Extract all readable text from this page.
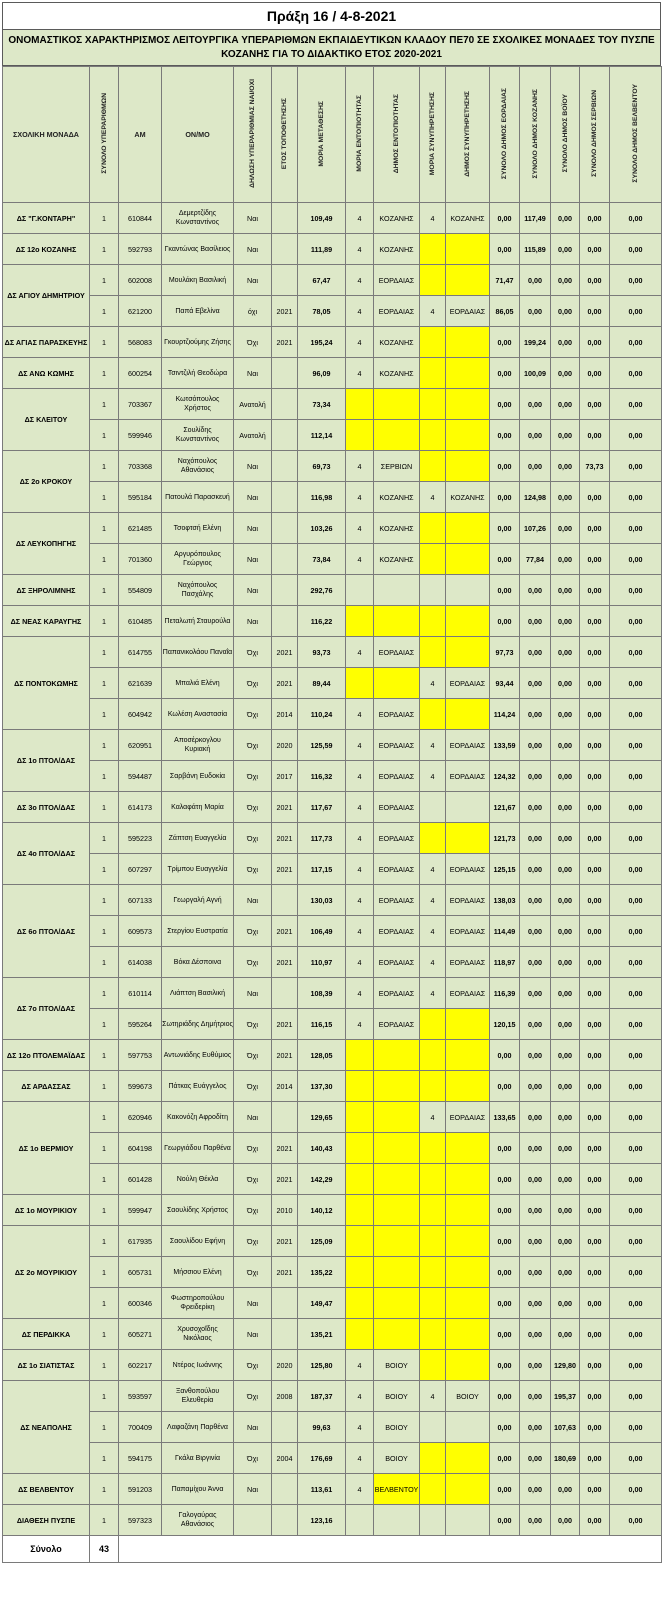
Πράξη 16 / 4-8-2021
ΟΝΟΜΑΣΤΙΚΟΣ ΧΑΡΑΚΤΗΡΙΣΜΟΣ ΛΕΙΤΟΥΡΓΙΚΑ ΥΠΕΡΑΡΙΘΜΩΝ ΕΚΠΑΙΔΕΥΤΙΚΩΝ ΚΛΑΔΟΥ ΠΕ70 ΣΕ ΣΧΟΛΙΚΕΣ ΜΟΝΑΔΕΣ ΤΟΥ ΠΥΣΠΕ
ΚΟΖΑΝΗΣ ΓΙΑ ΤΟ ΔΙΔΑΚΤΙΚΟ ΕΤΟΣ 2020-2021
ΣΧΟΛΙΚΗ ΜΟΝΑΔΑ	ΣΥΝΟΛΟ ΥΠΕΡΑΡΙΘΜΩΝ	ΑΜ	ΟΝ/ΜΟ	ΔΗΛΩΣΗ ΥΠΕΡΑΡΙΘΜΙΑΣ ΝΑΙ/ΟΧΙ	ΕΤΟΣ ΤΟΠΟΘΕΤΗΣΗΣ	ΜΟΡΙΑ ΜΕΤΑΘΕΣΗΣ	ΜΟΡΙΑ ΕΝΤΟΠΙΟΤΗΤΑΣ	ΔΗΜΟΣ ΕΝΤΟΠΙΟΤΗΤΑΣ	ΜΟΡΙΑ ΣΥΝΥΠΗΡΕΤΗΣΗΣ	ΔΗΜΟΣ ΣΥΝΥΠΗΡΕΤΗΣΗΣ	ΣΥΝΟΛΟ ΔΗΜΟΣ ΕΟΡΔΑΙΑΣ	ΣΥΝΟΛΟ ΔΗΜΟΣ ΚΟΖΑΝΗΣ	ΣΥΝΟΛΟ ΔΗΜΟΣ ΒΟΪΟΥ	ΣΥΝΟΛΟ ΔΗΜΟΣ ΣΕΡΒΙΩΝ	ΣΥΝΟΛΟ ΔΗΜΟΣ ΒΕΛΒΕΝΤΟΥ
ΔΣ "Γ.ΚΟΝΤΑΡΗ"	1	610844	Δεμερτζίδης Κωνσταντίνος	Ναι		109,49	4	ΚΟΖΑΝΗΣ	4	ΚΟΖΑΝΗΣ	0,00	117,49	0,00	0,00	0,00
ΔΣ 12ο ΚΟΖΑΝΗΣ	1	592793	Γκαντώνας Βασίλειος	Ναι		111,89	4	ΚΟΖΑΝΗΣ			0,00	115,89	0,00	0,00	0,00
ΔΣ ΑΓΙΟΥ ΔΗΜΗΤΡΙΟΥ	1	602008	Μουλάκη Βασιλική	Ναι		67,47	4	ΕΟΡΔΑΙΑΣ			71,47	0,00	0,00	0,00	0,00
	1	621200	Παπά Εβελίνα	όχι	2021	78,05	4	ΕΟΡΔΑΙΑΣ	4	ΕΟΡΔΑΙΑΣ	86,05	0,00	0,00	0,00	0,00
ΔΣ ΑΓΙΑΣ ΠΑΡΑΣΚΕΥΗΣ	1	568083	Γκουρτζιούμης Ζήσης	Όχι	2021	195,24	4	ΚΟΖΑΝΗΣ			0,00	199,24	0,00	0,00	0,00
ΔΣ ΑΝΩ ΚΩΜΗΣ	1	600254	Τσιντζιλή Θεοδώρα	Ναι		96,09	4	ΚΟΖΑΝΗΣ			0,00	100,09	0,00	0,00	0,00
ΔΣ ΚΛΕΙΤΟΥ	1	703367	Κωτσόπουλος Χρήστος	Ανατολή		73,34					0,00	0,00	0,00	0,00	0,00
	1	599946	Σουλίδης Κωνσταντίνος	Ανατολή		112,14					0,00	0,00	0,00	0,00	0,00
ΔΣ 2ο ΚΡΟΚΟΥ	1	703368	Ναχόπουλος Αθανάσιος	Ναι		69,73	4	ΣΕΡΒΙΩΝ			0,00	0,00	0,00	73,73	0,00
	1	595184	Πατουλά Παρασκευή	Ναι		116,98	4	ΚΟΖΑΝΗΣ	4	ΚΟΖΑΝΗΣ	0,00	124,98	0,00	0,00	0,00
ΔΣ ΛΕΥΚΟΠΗΓΗΣ	1	621485	Τσοφτσή Ελένη	Ναι		103,26	4	ΚΟΖΑΝΗΣ			0,00	107,26	0,00	0,00	0,00
	1	701360	Αργυρόπουλος Γεώργιος	Ναι		73,84	4	ΚΟΖΑΝΗΣ			0,00	77,84	0,00	0,00	0,00
ΔΣ ΞΗΡΟΛΙΜΝΗΣ	1	554809	Ναχόπουλος Πασχάλης	Ναι		292,76					0,00	0,00	0,00	0,00	0,00
ΔΣ ΝΕΑΣ ΚΑΡΑΥΓΗΣ	1	610485	Πεταλωτή Σταυρούλα	Ναι		116,22					0,00	0,00	0,00	0,00	0,00
ΔΣ ΠΟΝΤΟΚΩΜΗΣ	1	614755	Παπανικολάου Παναΐα	Όχι	2021	93,73	4	ΕΟΡΔΑΙΑΣ			97,73	0,00	0,00	0,00	0,00
	1	621639	Μπαλιά Ελένη	Όχι	2021	89,44			4	ΕΟΡΔΑΙΑΣ	93,44	0,00	0,00	0,00	0,00
	1	604942	Κωλέση Αναστασία	Όχι	2014	110,24	4	ΕΟΡΔΑΙΑΣ			114,24	0,00	0,00	0,00	0,00
ΔΣ 1ο ΠΤΟΛ/ΔΑΣ	1	620951	Αποσέρκογλου Κυριακή	Όχι	2020	125,59	4	ΕΟΡΔΑΙΑΣ	4	ΕΟΡΔΑΙΑΣ	133,59	0,00	0,00	0,00	0,00
	1	594487	Σαρβάνη Ευδοκία	Όχι	2017	116,32	4	ΕΟΡΔΑΙΑΣ	4	ΕΟΡΔΑΙΑΣ	124,32	0,00	0,00	0,00	0,00
ΔΣ 3ο ΠΤΟΛ/ΔΑΣ	1	614173	Καλαφάτη Μαρία	Όχι	2021	117,67	4	ΕΟΡΔΑΙΑΣ			121,67	0,00	0,00	0,00	0,00
ΔΣ 4ο ΠΤΟΛ/ΔΑΣ	1	595223	Ζάπτση Ευαγγελία	Όχι	2021	117,73	4	ΕΟΡΔΑΙΑΣ			121,73	0,00	0,00	0,00	0,00
	1	607297	Τρίμπου Ευαγγελία	Όχι	2021	117,15	4	ΕΟΡΔΑΙΑΣ	4	ΕΟΡΔΑΙΑΣ	125,15	0,00	0,00	0,00	0,00
ΔΣ 6ο ΠΤΟΛ/ΔΑΣ	1	607133	Γεωργαλή Αγνή	Ναι		130,03	4	ΕΟΡΔΑΙΑΣ	4	ΕΟΡΔΑΙΑΣ	138,03	0,00	0,00	0,00	0,00
	1	609573	Στεργίου Ευστρατία	Όχι	2021	106,49	4	ΕΟΡΔΑΙΑΣ	4	ΕΟΡΔΑΙΑΣ	114,49	0,00	0,00	0,00	0,00
	1	614038	Βόκα Δέσποινα	Όχι	2021	110,97	4	ΕΟΡΔΑΙΑΣ	4	ΕΟΡΔΑΙΑΣ	118,97	0,00	0,00	0,00	0,00
ΔΣ 7ο ΠΤΟΛ/ΔΑΣ	1	610114	Λιάπτση Βασιλική	Ναι		108,39	4	ΕΟΡΔΑΙΑΣ	4	ΕΟΡΔΑΙΑΣ	116,39	0,00	0,00	0,00	0,00
	1	595264	Σωτηριάδης Δημήτριος	Όχι	2021	116,15	4	ΕΟΡΔΑΙΑΣ			120,15	0,00	0,00	0,00	0,00
ΔΣ 12ο ΠΤΟΛΕΜΑΪΔΑΣ	1	597753	Αντωνιάδης Ευθύμιος	Όχι	2021	128,05					0,00	0,00	0,00	0,00	0,00
ΔΣ ΑΡΔΑΣΣΑΣ	1	599673	Πάτκας Ευάγγελος	Όχι	2014	137,30					0,00	0,00	0,00	0,00	0,00
ΔΣ 1ο ΒΕΡΜΙΟΥ	1	620946	Κακονόζη Αφροδίτη	Ναι		129,65			4	ΕΟΡΔΑΙΑΣ	133,65	0,00	0,00	0,00	0,00
	1	604198	Γεωργιάδου Παρθένα	Όχι	2021	140,43					0,00	0,00	0,00	0,00	0,00
	1	601428	Νούλη Θέκλα	Όχι	2021	142,29					0,00	0,00	0,00	0,00	0,00
ΔΣ 1ο ΜΟΥΡΙΚΙΟΥ	1	599947	Σαουλίδης Χρήστος	Όχι	2010	140,12					0,00	0,00	0,00	0,00	0,00
ΔΣ 2ο ΜΟΥΡΙΚΙΟΥ	1	617935	Σαουλίδου Εφήνη	Όχι	2021	125,09					0,00	0,00	0,00	0,00	0,00
	1	605731	Μήσσιου Ελένη	Όχι	2021	135,22					0,00	0,00	0,00	0,00	0,00
	1	600346	Φωστηροπούλου Φρειδερίκη	Ναι		149,47					0,00	0,00	0,00	0,00	0,00
ΔΣ ΠΕΡΔΙΚΚΑ	1	605271	Χρυσοχοΐδης Νικόλαος	Ναι		135,21					0,00	0,00	0,00	0,00	0,00
ΔΣ 1ο ΣΙΑΤΙΣΤΑΣ	1	602217	Ντέρος Ιωάννης	Όχι	2020	125,80	4	ΒΟΙΟΥ			0,00	0,00	129,80	0,00	0,00
ΔΣ ΝΕΑΠΟΛΗΣ	1	593597	Ξανθοπούλου Ελευθερία	Όχι	2008	187,37	4	ΒΟΙΟΥ	4	ΒΟΙΟΥ	0,00	0,00	195,37	0,00	0,00
	1	700409	Λαφαζάνη Παρθένα	Ναι		99,63	4	ΒΟΙΟΥ			0,00	0,00	107,63	0,00	0,00
	1	594175	Γκάλα Βιργινία	Όχι	2004	176,69	4	ΒΟΙΟΥ			0,00	0,00	180,69	0,00	0,00
ΔΣ ΒΕΛΒΕΝΤΟΥ	1	591203	Παπαμίχου Άννα	Ναι		113,61	4	ΒΕΛΒΕΝΤΟΥ			0,00	0,00	0,00	0,00	0,00
ΔΙΑΘΕΣΗ ΠΥΣΠΕ	1	597323	Γαλογαύρας Αθανάσιος			123,16					0,00	0,00	0,00	0,00	0,00
Σύνολο	43														
